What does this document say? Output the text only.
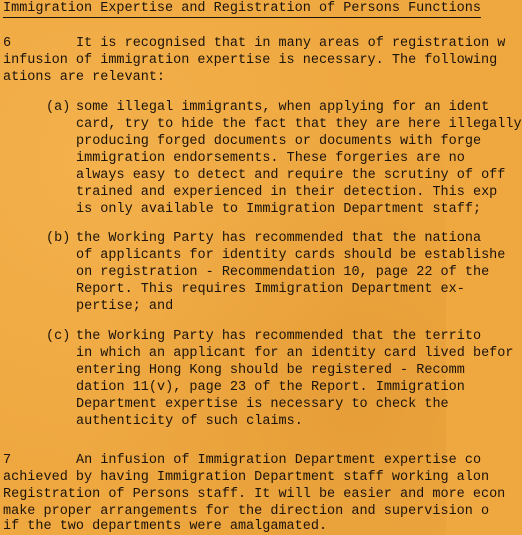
Immigration Expertise and Registration of Persons Functions
6	It is recognised that in many areas of registration w
infusion of immigration expertise is necessary. The following
ations are relevant:
(a) some illegal immigrants, when applying for an ident
card, try to hide the fact that they are here illegally
producing forged documents or documents with forge
immigration endorsements. These forgeries are no
always easy to detect and require the scrutiny of off
trained and experienced in their detection. This exp
is only available to Immigration Department staff;
(b) the Working Party has recommended that the nationa
of applicants for identity cards should be establishe
on registration - Recommendation 10, page 22 of the
Report. This requires Immigration Department ex-
pertise; and
(c) the Working Party has recommended that the territo
in which an applicant for an identity card lived befor
entering Hong Kong should be registered - Recomm
dation 11(v), page 23 of the Report. Immigration
Department expertise is necessary to check the
authenticity of such claims.
7	An infusion of Immigration Department expertise co
achieved by having Immigration Department staff working alon
Registration of Persons staff. It will be easier and more econ
make proper arrangements for the direction and supervision o
if the two departments were amalgamated.
